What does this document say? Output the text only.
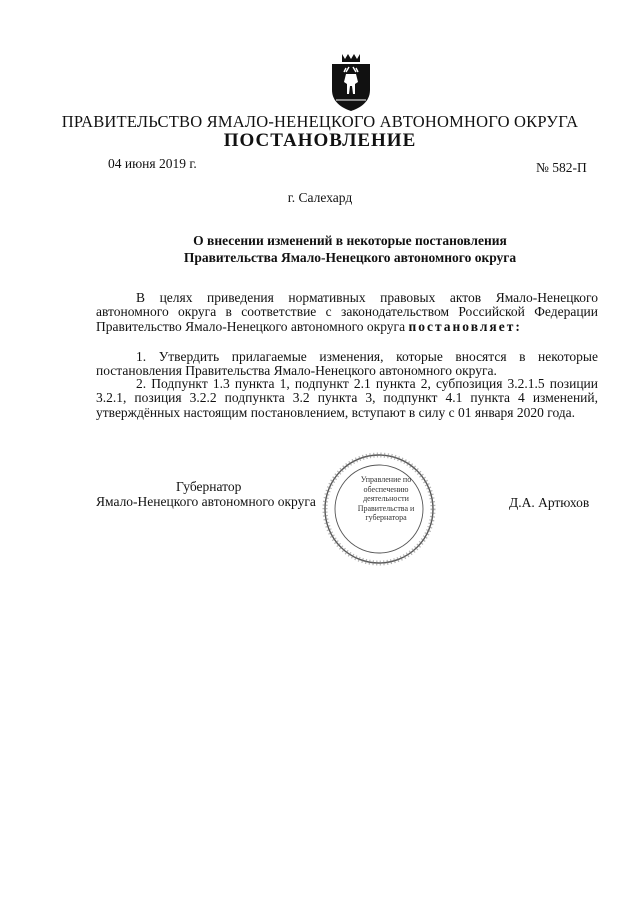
ПРАВИТЕЛЬСТВО ЯМАЛО-НЕНЕЦКОГО АВТОНОМНОГО ОКРУГА
ПОСТАНОВЛЕНИЕ
04 июня 2019 г.	№ 582-П
г. Салехард
О внесении изменений в некоторые постановления
Правительства Ямало-Ненецкого автономного округа

В целях приведения нормативных правовых актов Ямало-Ненецкого автономного округа в соответствие с законодательством Российской Федерации Правительство Ямало-Ненецкого автономного округа постановляет:

1. Утвердить прилагаемые изменения, которые вносятся в некоторые постановления Правительства Ямало-Ненецкого автономного округа.

2. Подпункт 1.3 пункта 1, подпункт 2.1 пункта 2, субпозиция 3.2.1.5 позиции 3.2.1, позиция 3.2.2 подпункта 3.2 пункта 3, подпункт 4.1 пункта 4 изменений, утверждённых настоящим постановлением, вступают в силу с 01 января 2020 года.

Губернатор
Ямало-Ненецкого автономного округа
Управление по обеспечению деятельности Правительства и губернатора
Д.А. Артюхов
